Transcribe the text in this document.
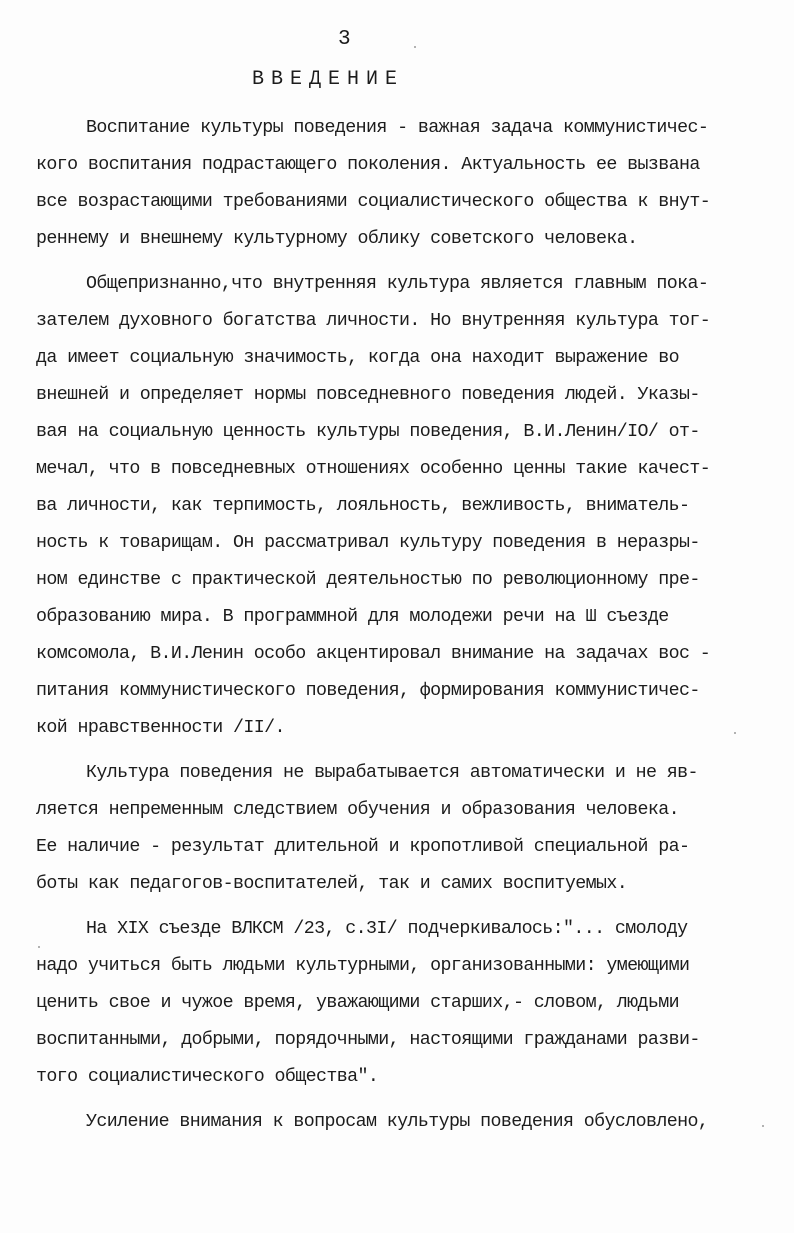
3
ВВЕДЕНИЕ
Воспитание культуры поведения - важная задача коммунистичес-
кого воспитания подрастающего поколения. Актуальность ее вызвана
все возрастающими требованиями социалистического общества к внут-
реннему и внешнему культурному облику советского человека.
Общепризнанно,что внутренняя культура является главным пока-
зателем духовного богатства личности. Но внутренняя культура тог-
да имеет социальную значимость, когда она находит выражение во
внешней и определяет нормы повседневного поведения людей. Указы-
вая на социальную ценность культуры поведения, В.И.Ленин/IO/ от-
мечал, что в повседневных отношениях особенно ценны такие качест-
ва личности, как терпимость, лояльность, вежливость, вниматель-
ность к товарищам. Он рассматривал культуру поведения в неразры-
ном единстве с практической деятельностью по революционному пре-
образованию мира. В программной для молодежи речи на Ш съезде
комсомола, В.И.Ленин особо акцентировал внимание на задачах вос -
питания коммунистического поведения, формирования коммунистичес-
кой нравственности /II/.
Культура поведения не вырабатывается автоматически и не яв-
ляется непременным следствием обучения и образования человека.
Ее наличие - результат длительной и кропотливой специальной ра-
боты как педагогов-воспитателей, так и самих воспитуемых.
На XIX съезде ВЛКСМ /23, с.3I/ подчеркивалось:"... смолоду
надо учиться быть людьми культурными, организованными: умеющими
ценить свое и чужое время, уважающими старших,- словом, людьми
воспитанными, добрыми, порядочными, настоящими гражданами разви-
того социалистического общества".
Усиление внимания к вопросам культуры поведения обусловлено,
